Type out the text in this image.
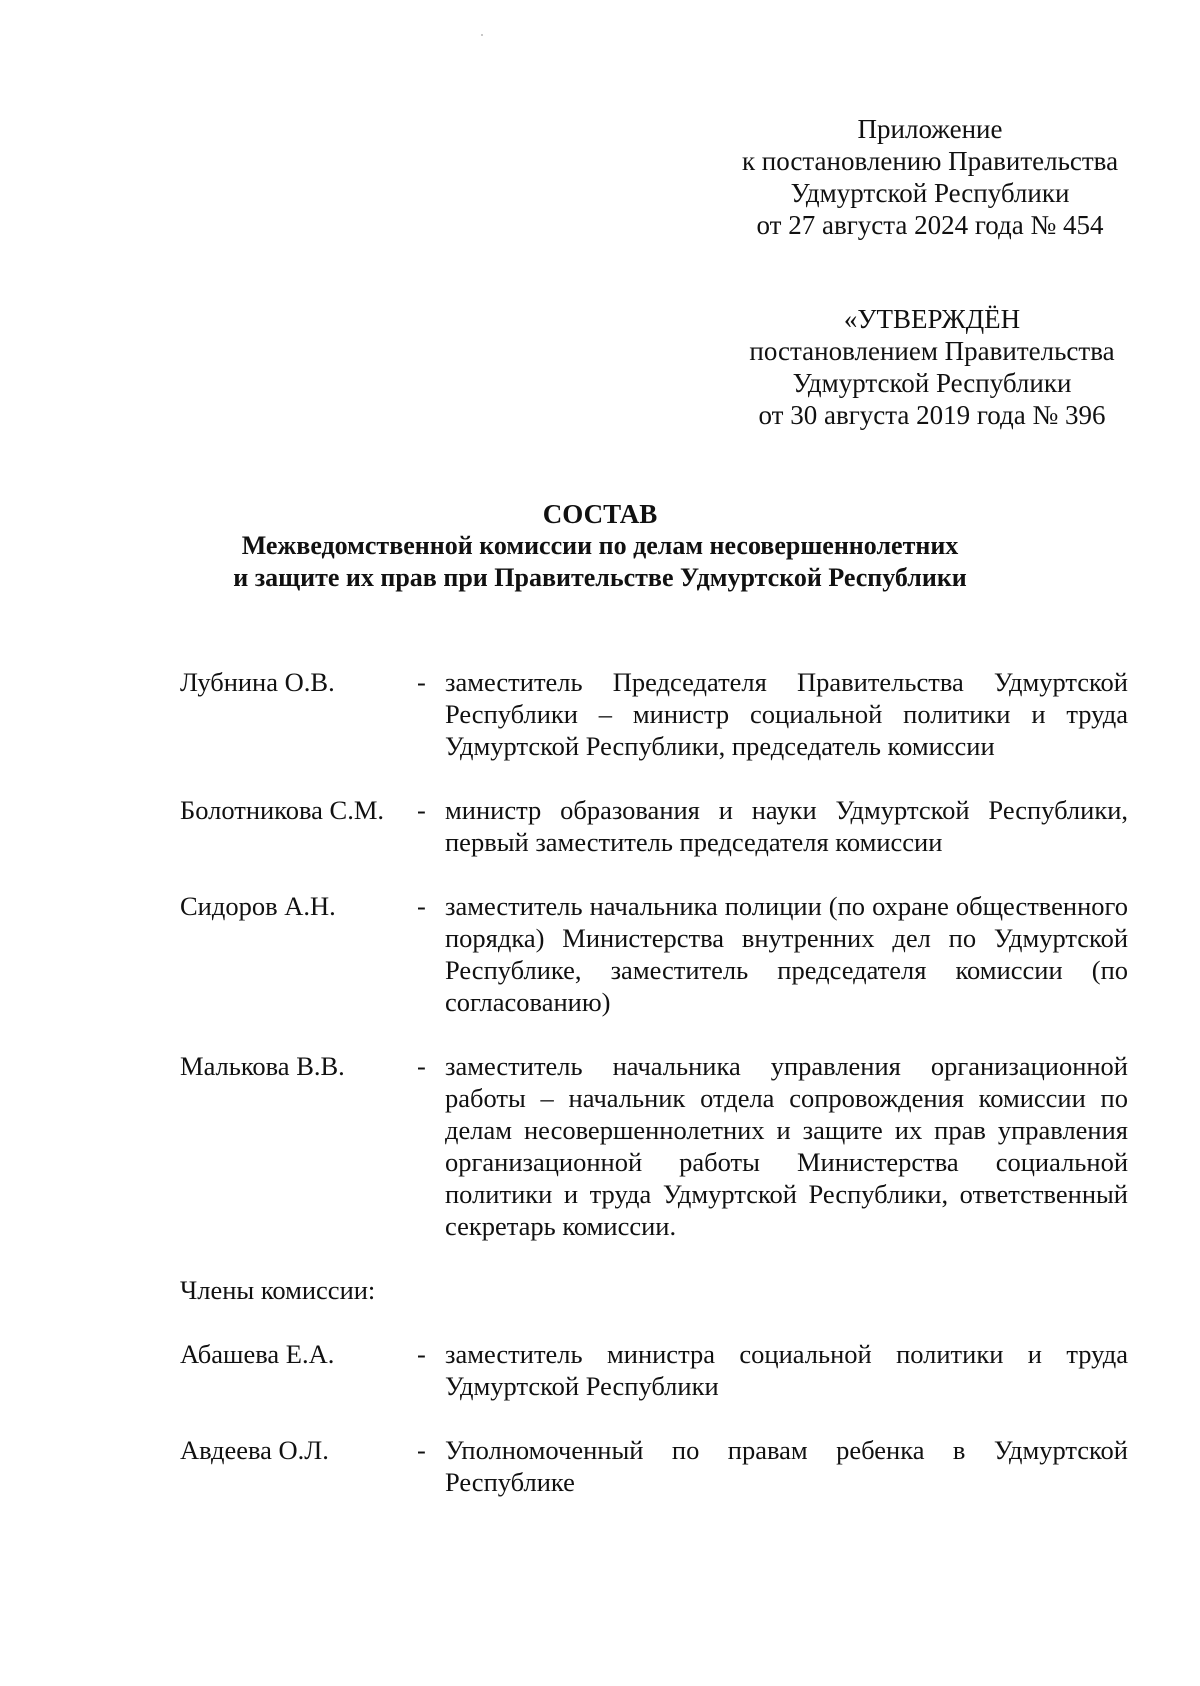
Приложение
к постановлению Правительства
Удмуртской Республики
от 27 августа 2024 года № 454
«УТВЕРЖДЁН
постановлением Правительства
Удмуртской Республики
от 30 августа 2019 года № 396
СОСТАВ
Межведомственной комиссии по делам несовершеннолетних
и защите их прав при Правительстве Удмуртской Республики
Лубнина О.В.	- заместитель Председателя Правительства Удмуртской Республики – министр социальной политики и труда Удмуртской Республики, председатель комиссии
Болотникова С.М.	- министр образования и науки Удмуртской Республики, первый заместитель председателя комиссии
Сидоров А.Н.	- заместитель начальника полиции (по охране общественного порядка) Министерства внутренних дел по Удмуртской Республике, заместитель председателя комиссии (по согласованию)
Малькова В.В.	- заместитель начальника управления организационной работы – начальник отдела сопровождения комиссии по делам несовершеннолетних и защите их прав управления организационной работы Министерства социальной политики и труда Удмуртской Республики, ответственный секретарь комиссии.
Члены комиссии:
Абашева Е.А.	- заместитель министра социальной политики и труда Удмуртской Республики
Авдеева О.Л.	- Уполномоченный по правам ребенка в Удмуртской Республике
